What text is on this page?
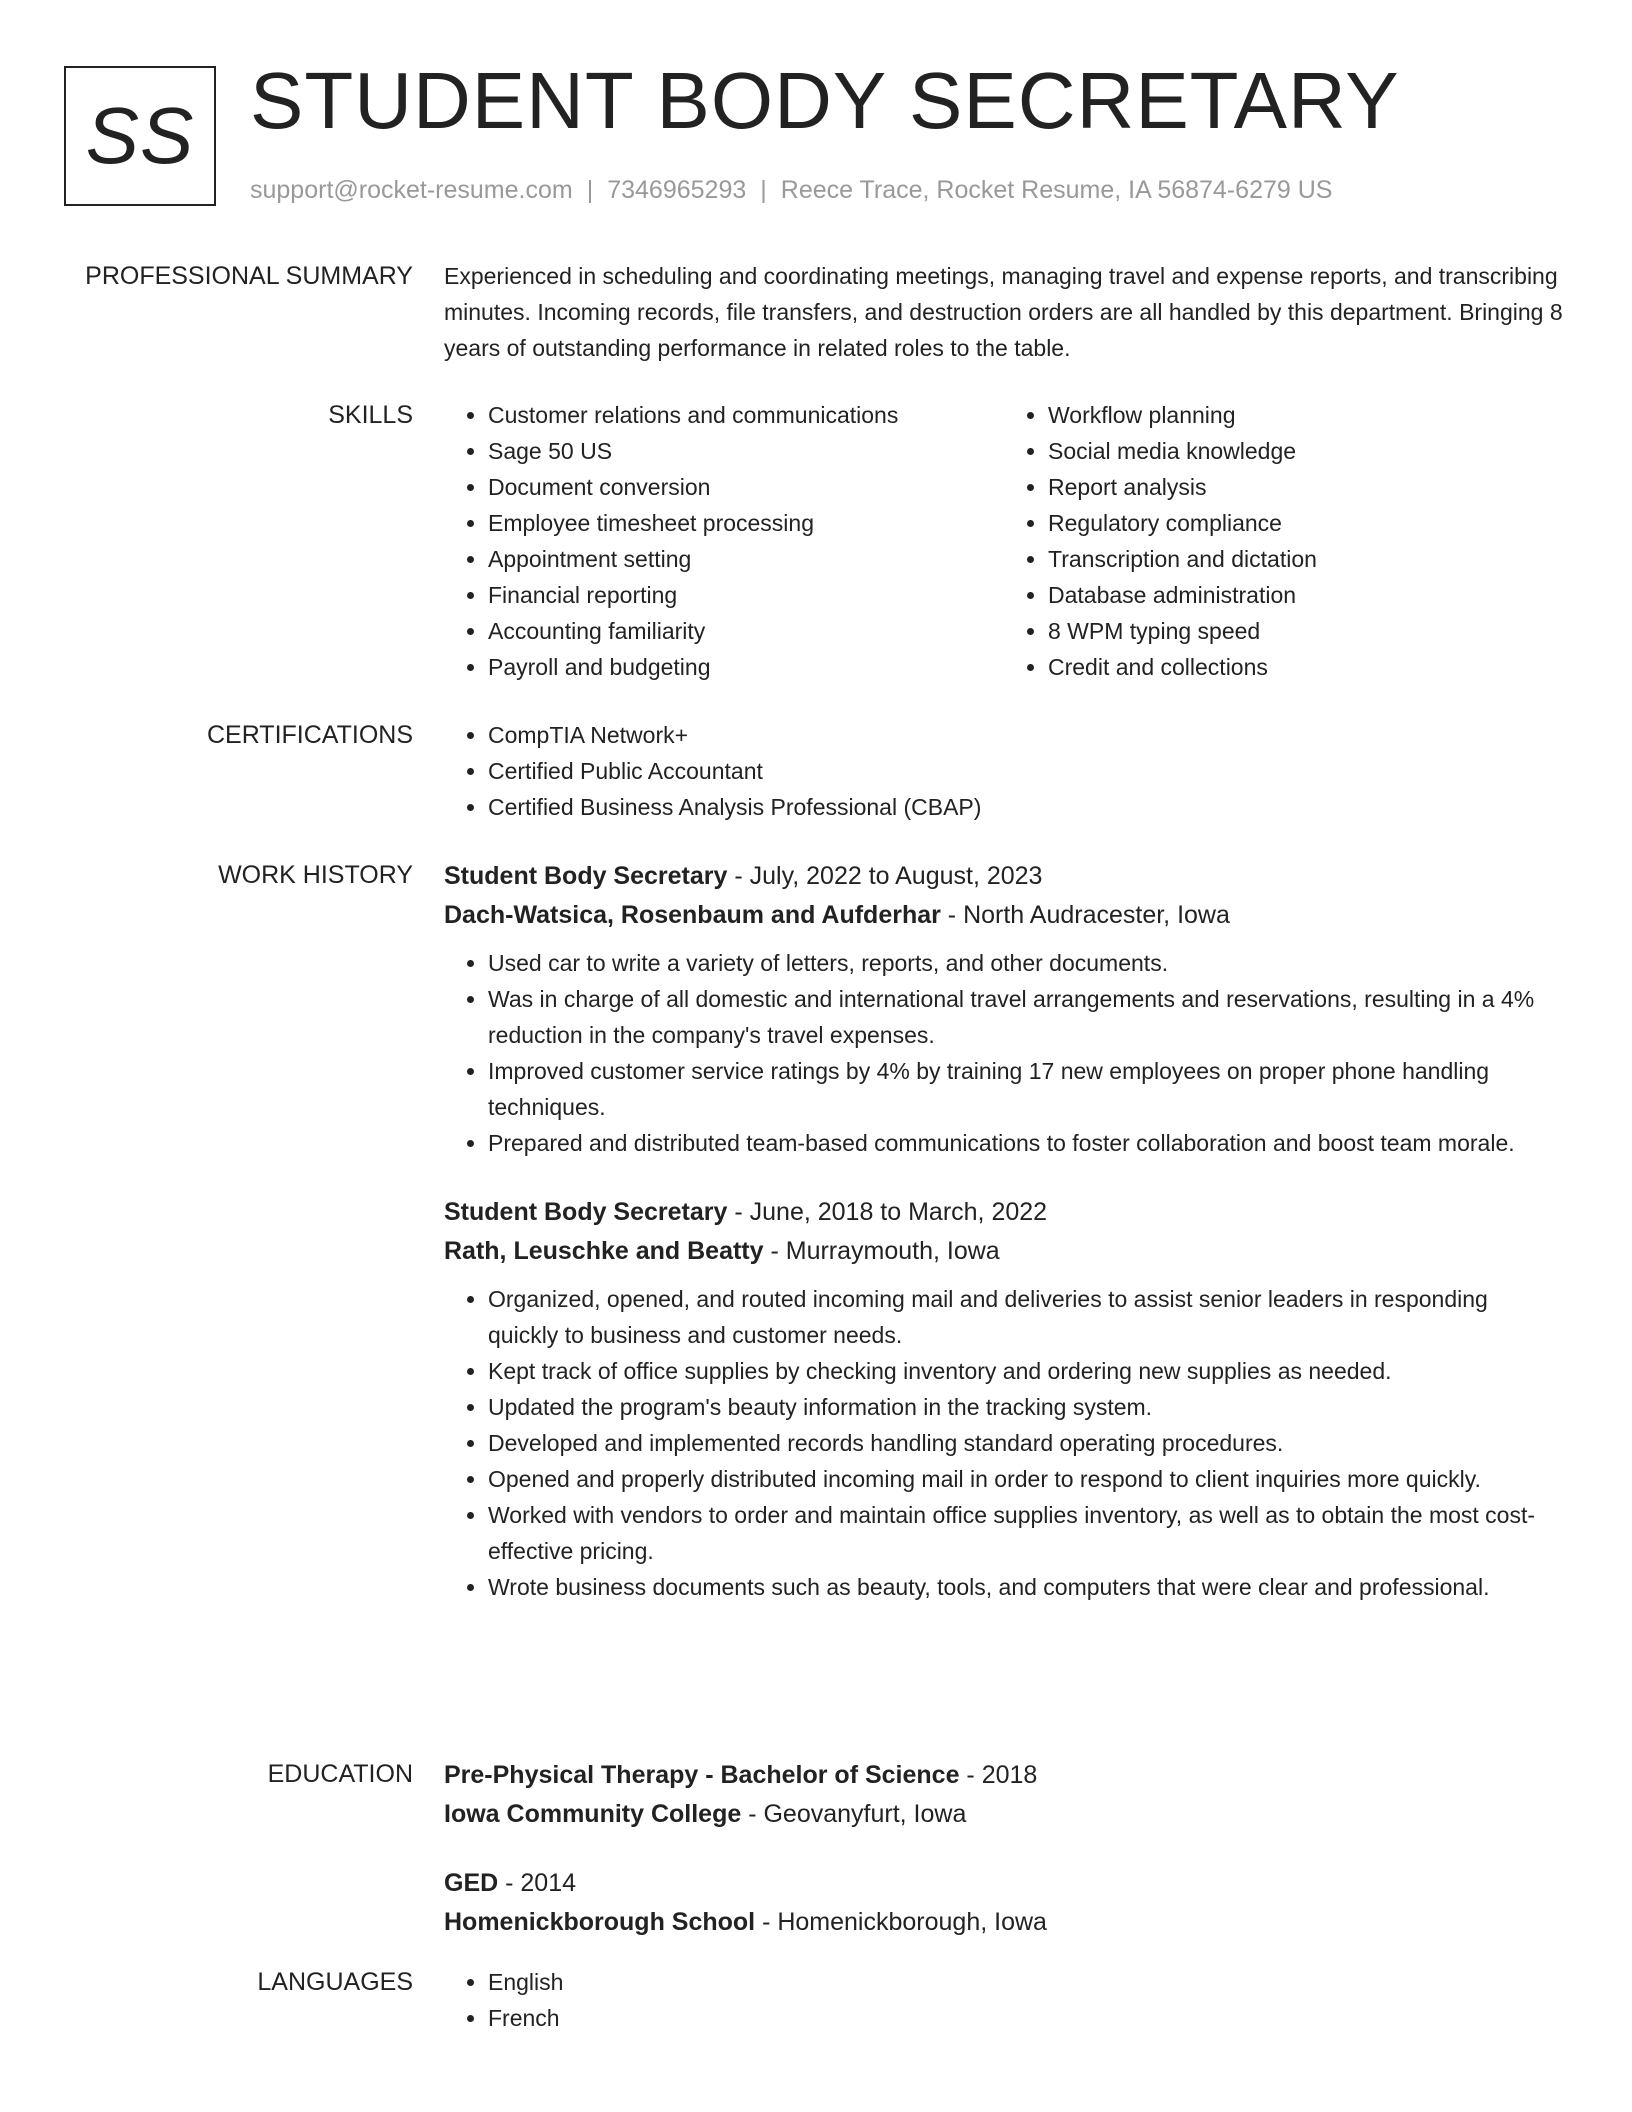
SS STUDENT BODY SECRETARY
support@rocket-resume.com | 7346965293 | Reece Trace, Rocket Resume, IA 56874-6279 US
PROFESSIONAL SUMMARY Experienced in scheduling and coordinating meetings, managing travel and expense reports, and transcribing minutes. Incoming records, file transfers, and destruction orders are all handled by this department. Bringing 8 years of outstanding performance in related roles to the table.
SKILLS	• Customer relations and communications
• Sage 50 US
• Document conversion
• Employee timesheet processing
• Appointment setting
• Financial reporting
• Accounting familiarity
• Payroll and budgeting
• Workflow planning
• Social media knowledge
• Report analysis
• Regulatory compliance
• Transcription and dictation
• Database administration
• 8 WPM typing speed
• Credit and collections
CERTIFICATIONS	• CompTIA Network+
• Certified Public Accountant
• Certified Business Analysis Professional (CBAP)
WORK HISTORY Student Body Secretary - July, 2022 to August, 2023
Dach-Watsica, Rosenbaum and Aufderhar - North Audracester, Iowa
• Used car to write a variety of letters, reports, and other documents.
• Was in charge of all domestic and international travel arrangements and reservations, resulting in a 4% reduction in the company's travel expenses.
• Improved customer service ratings by 4% by training 17 new employees on proper phone handling techniques.
• Prepared and distributed team-based communications to foster collaboration and boost team morale.
Student Body Secretary - June, 2018 to March, 2022
Rath, Leuschke and Beatty - Murraymouth, Iowa
• Organized, opened, and routed incoming mail and deliveries to assist senior leaders in responding quickly to business and customer needs.
• Kept track of office supplies by checking inventory and ordering new supplies as needed.
• Updated the program's beauty information in the tracking system.
• Developed and implemented records handling standard operating procedures.
• Opened and properly distributed incoming mail in order to respond to client inquiries more quickly.
• Worked with vendors to order and maintain office supplies inventory, as well as to obtain the most cost-effective pricing.
• Wrote business documents such as beauty, tools, and computers that were clear and professional.
EDUCATION Pre-Physical Therapy - Bachelor of Science - 2018
Iowa Community College - Geovanyfurt, Iowa
GED - 2014
Homenickborough School - Homenickborough, Iowa
LANGUAGES	• English
• French
